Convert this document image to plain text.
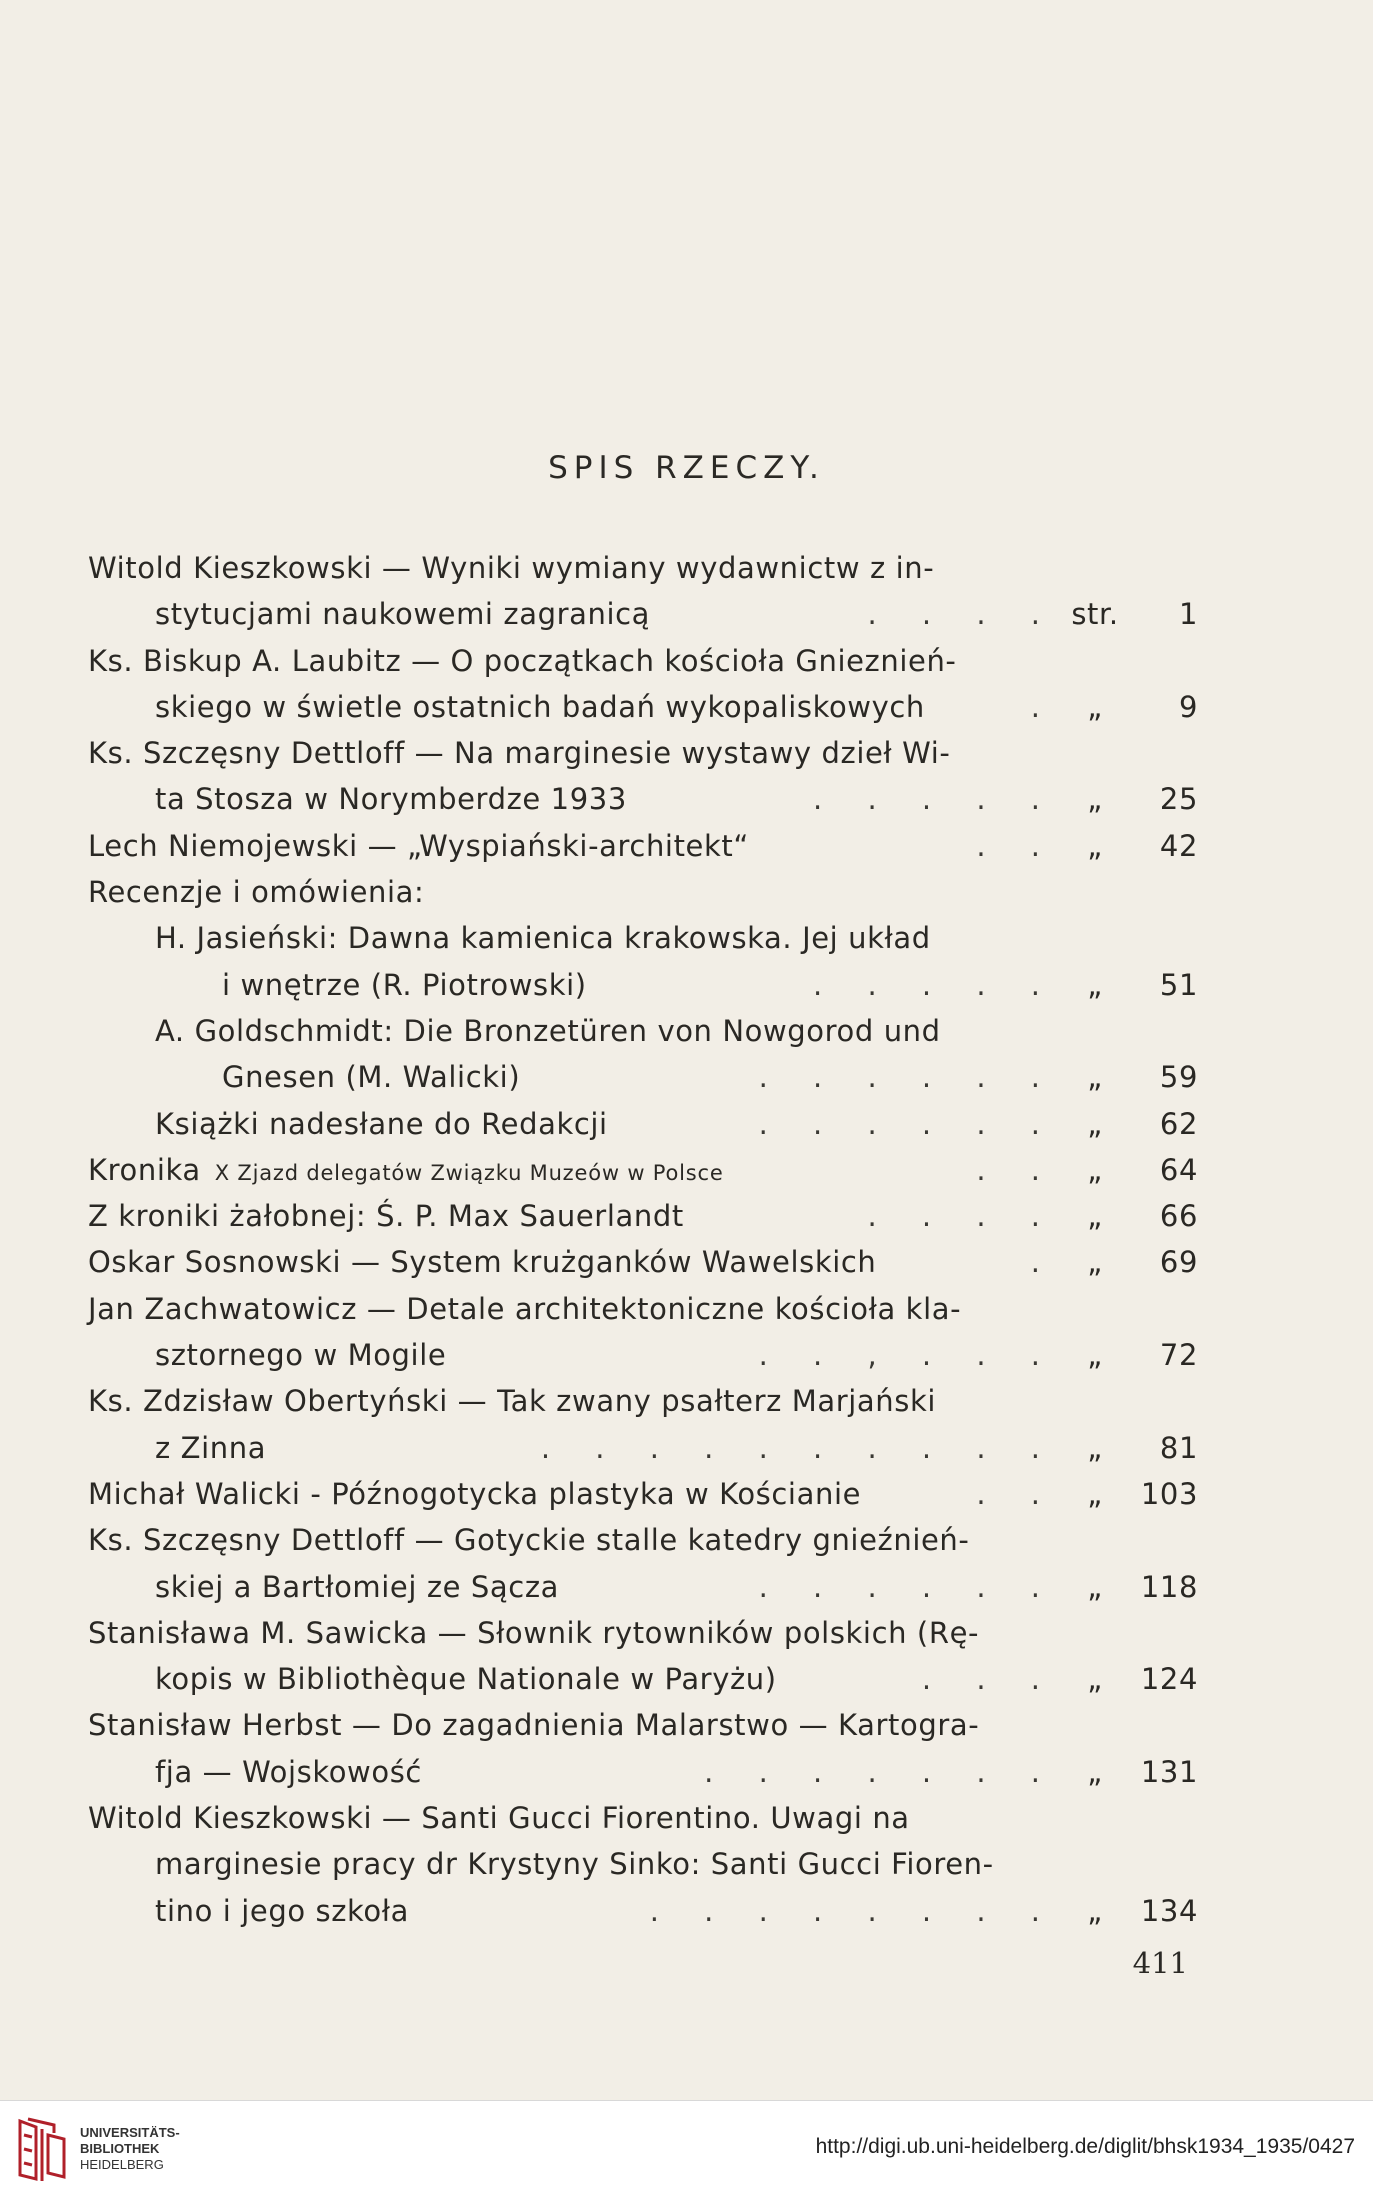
SPIS RZECZY.
Witold Kieszkowski — Wyniki wymiany wydawnictw z in-
stytucjami naukowemi zagranicą	. . . . str. 1
Ks. Biskup A. Laubitz — O początkach kościoła Gnieznień-
skiego w świetle ostatnich badań wykopaliskowych	.	„	9
Ks. Szczęsny Dettloff — Na marginesie wystawy dzieł Wi-
ta Stosza w Norymberdze 1933	. . . . .	„	25
Lech Niemojewski — „Wyspiański-architekt“	. .	„	42
Recenzje i omówienia:
H. Jasieński: Dawna kamienica krakowska. Jej układ
i wnętrze (R. Piotrowski)	. . . . .	„	51
A. Goldschmidt: Die Bronzetüren von Nowgorod und
Gnesen (M. Walicki)	. . . . . .	„	59
Książki nadesłane do Redakcji	. . . . . .	„	62
Kronika X Zjazd delegatów Związku Muzeów w Polsce	. .	„	64
Z kroniki żałobnej: Ś. P. Max Sauerlandt	. . . .	„	66
Oskar Sosnowski — System krużganków Wawelskich	.	„	69
Jan Zachwatowicz — Detale architektoniczne kościoła kla-
sztornego w Mogile	. . , . . .	„	72
Ks. Zdzisław Obertyński — Tak zwany psałterz Marjański
z Zinna	. . . . . . . . . .	„	81
Michał Walicki - Późnogotycka plastyka w Kościanie	. .	„	103
Ks. Szczęsny Dettloff — Gotyckie stalle katedry gnieźnień-
skiej a Bartłomiej ze Sącza	. . . . . .	„	118
Stanisława M. Sawicka — Słownik rytowników polskich (Rę-
kopis w Bibliothèque Nationale w Paryżu)	. . .	„	124
Stanisław Herbst — Do zagadnienia Malarstwo — Kartogra-
fja — Wojskowość	. . . . . . .	„	131
Witold Kieszkowski — Santi Gucci Fiorentino. Uwagi na
marginesie pracy dr Krystyny Sinko: Santi Gucci Fioren-
tino i jego szkoła	. . . . . . . .	„	134
411
UNIVERSITÄTS-
BIBLIOTHEK
HEIDELBERG
http://digi.ub.uni-heidelberg.de/diglit/bhsk1934_1935/0427
